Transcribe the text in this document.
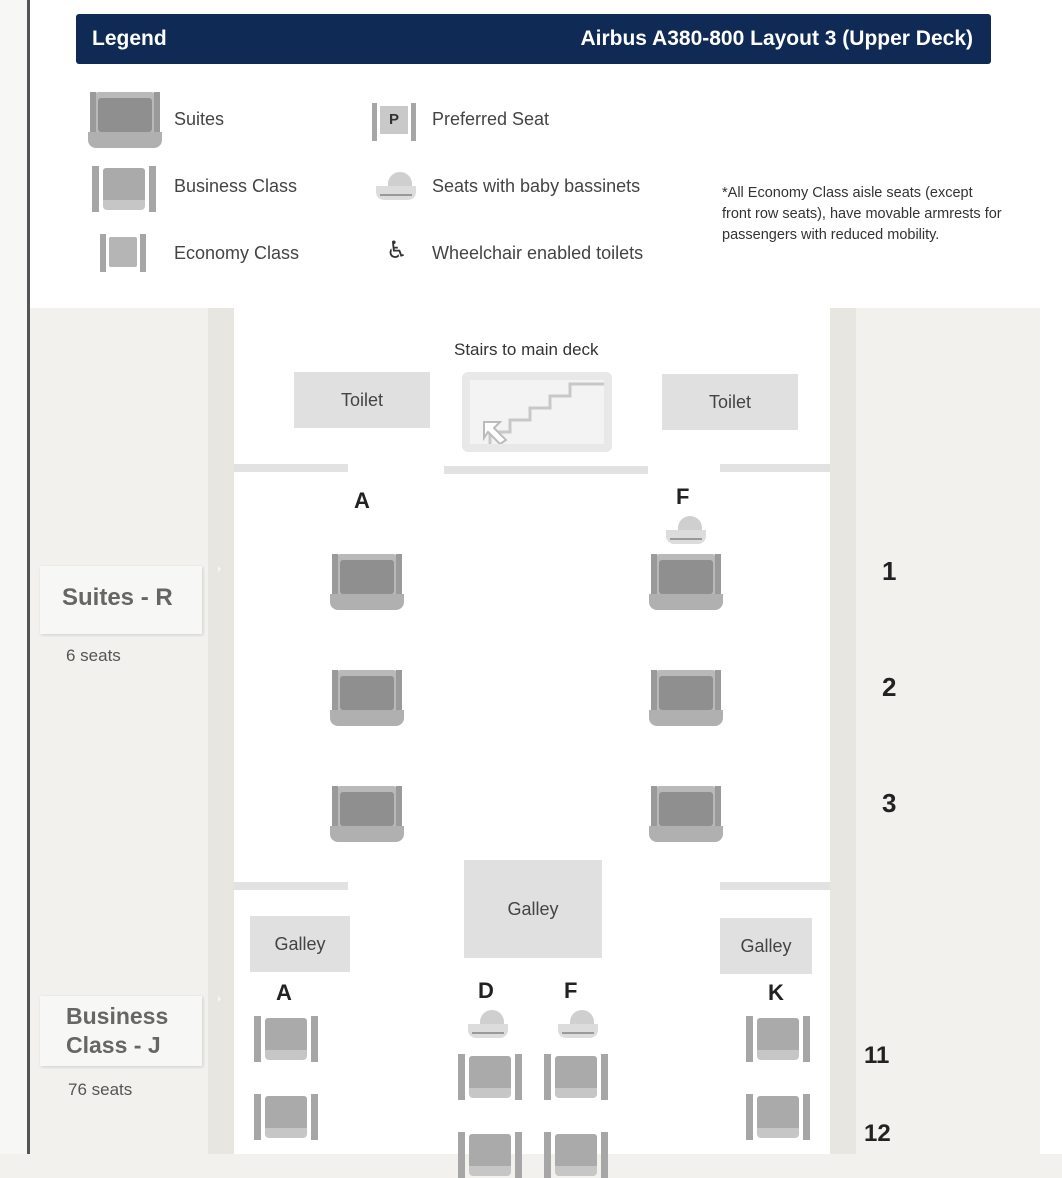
Legend	Airbus A380-800 Layout 3 (Upper Deck)
Suites
Business Class
Economy Class
P	Preferred Seat
Seats with baby bassinets
♿ Wheelchair enabled toilets
*All Economy Class aisle seats (except front row seats), have movable armrests for passengers with reduced mobility.
Stairs to main deck
Toilet	Toilet
A	F
1
2
3
Suites - R
6 seats
Galley
Galley	Galley
A	D	F	K
11
12
Business
Class - J
76 seats
